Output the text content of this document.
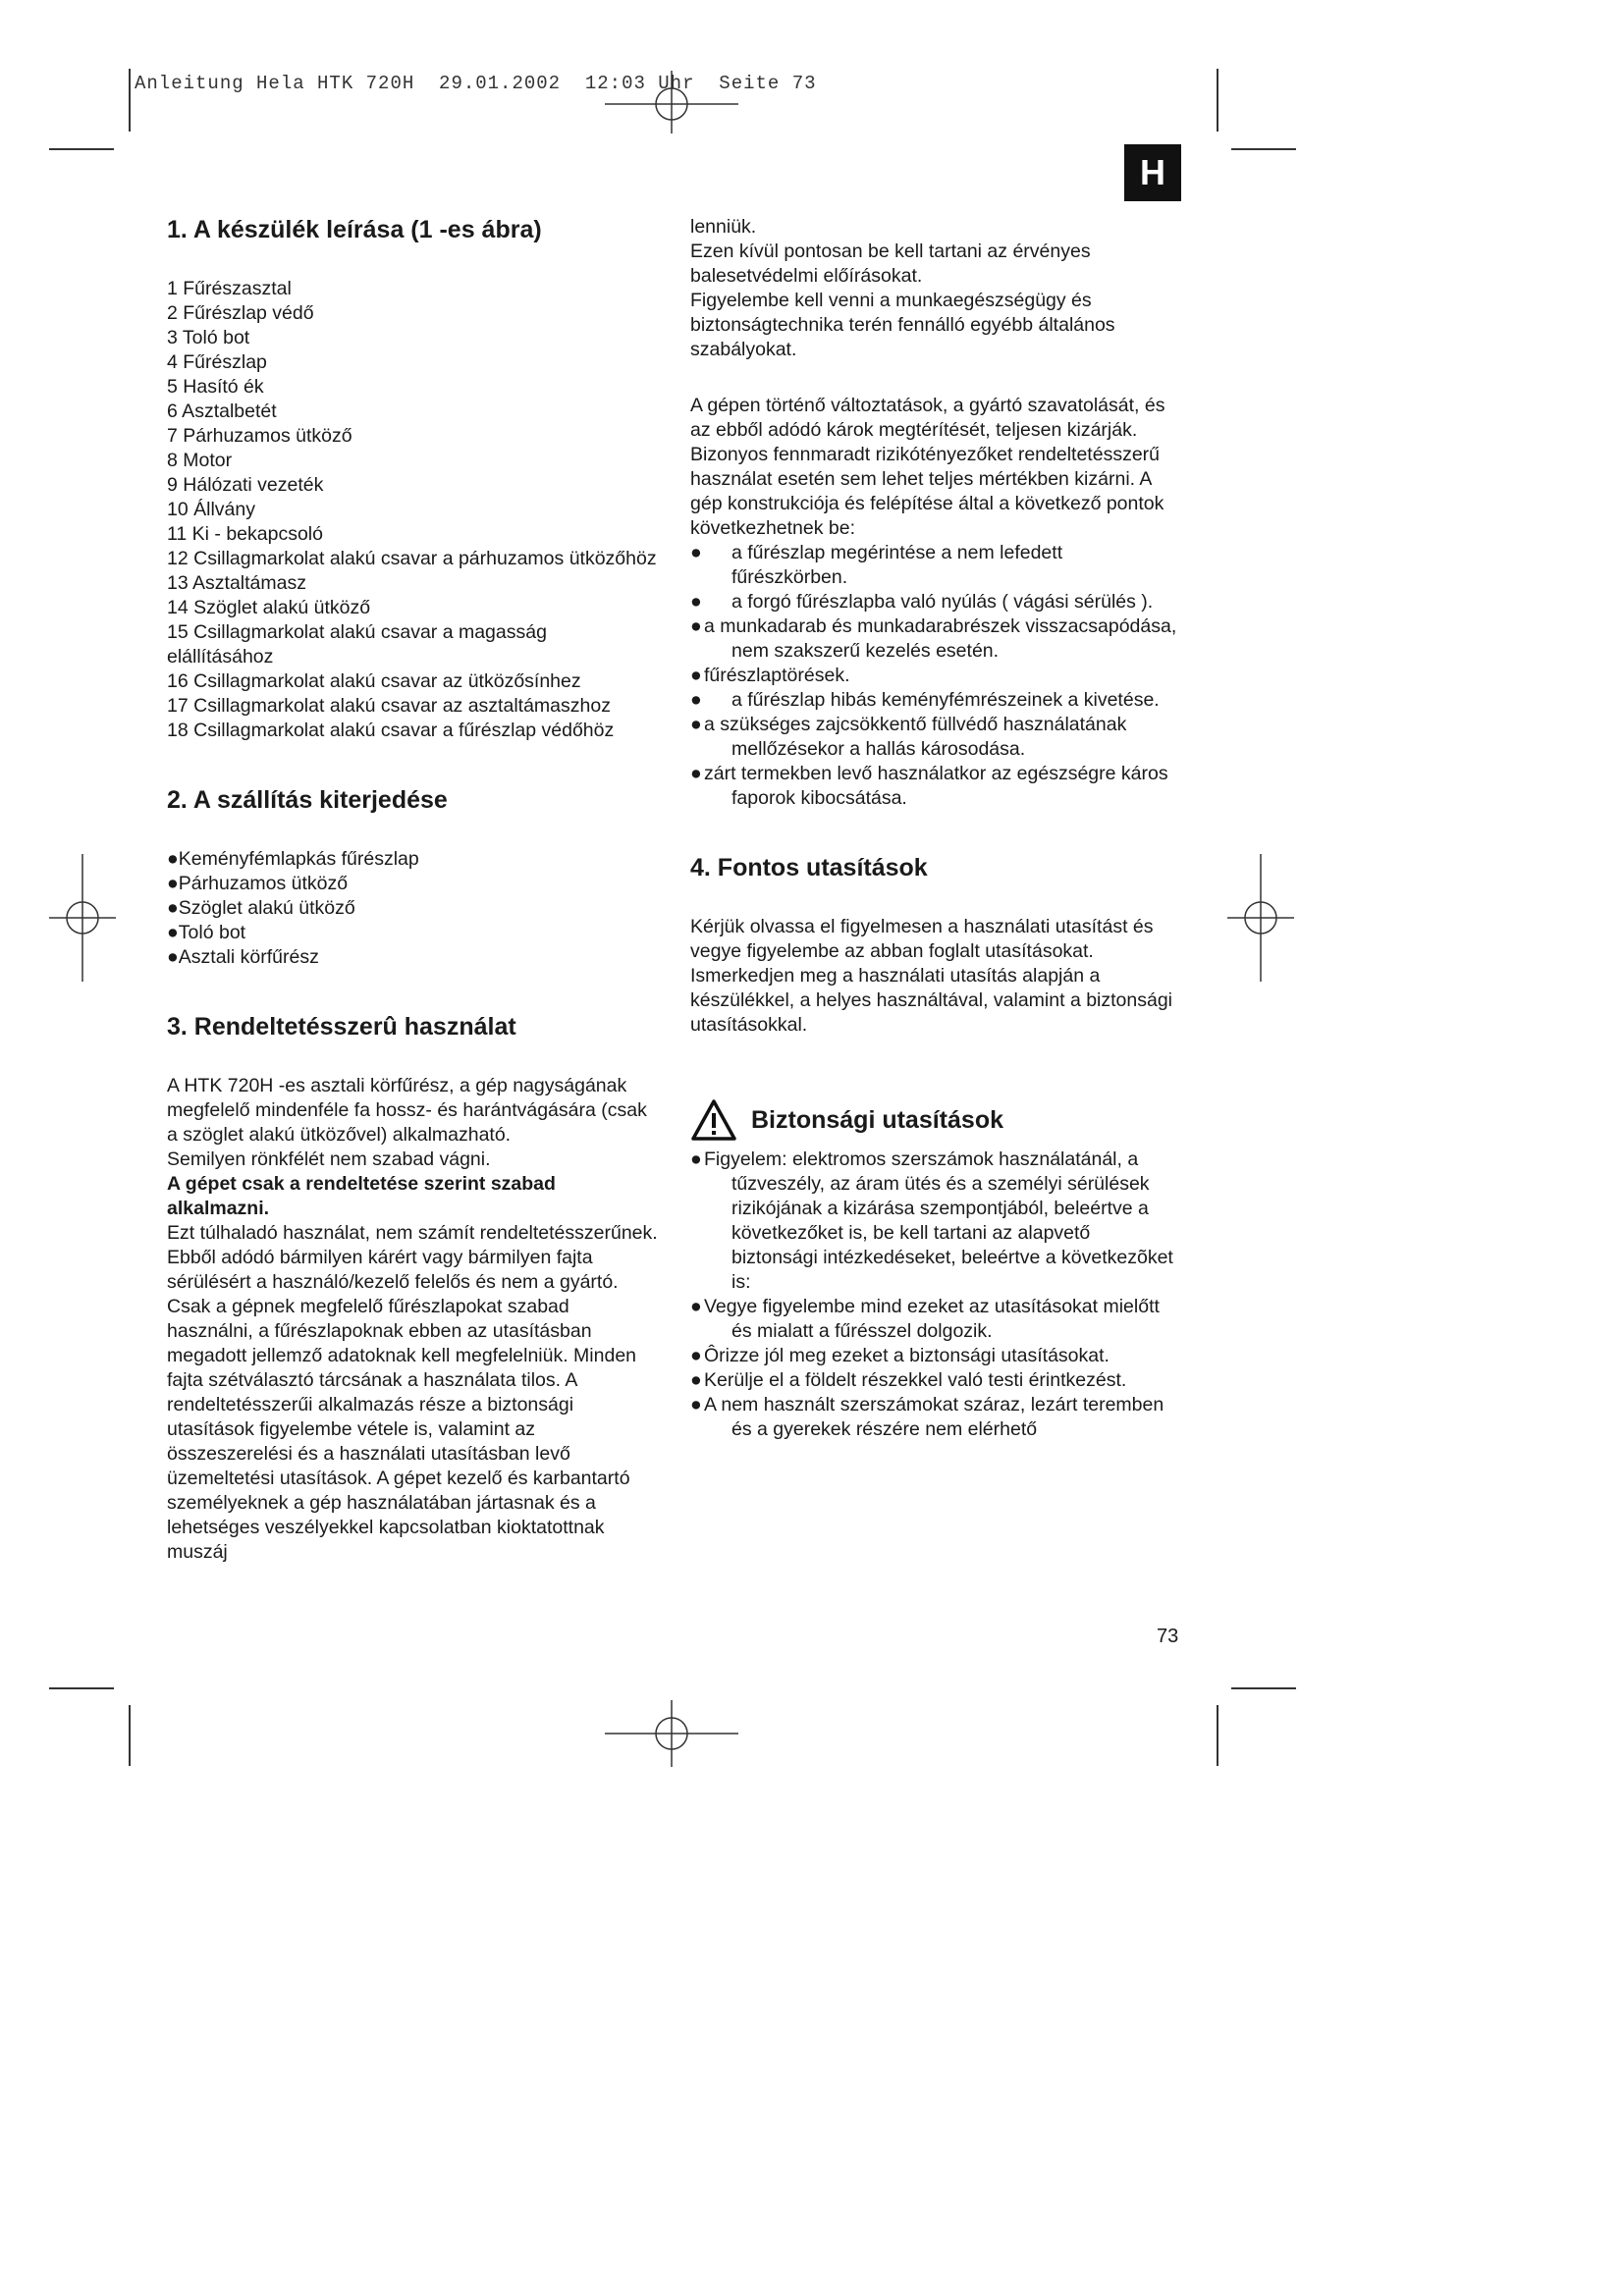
Anleitung Hela HTK 720H  29.01.2002  12:03 Uhr  Seite 73
H
1. A készülék leírása (1 -es ábra)

1 Fűrészasztal

2 Fűrészlap védő

3 Toló bot

4 Fűrészlap

5 Hasító ék

6 Asztalbetét

7 Párhuzamos ütköző

8 Motor

9 Hálózati vezeték

10 Állvány

11 Ki - bekapcsoló

12 Csillagmarkolat alakú csavar a párhuzamos ütközőhöz

13 Asztaltámasz

14 Szöglet alakú ütköző

15 Csillagmarkolat alakú csavar a magasság elállításához

16 Csillagmarkolat alakú csavar az ütközősínhez

17 Csillagmarkolat alakú csavar az asztaltámaszhoz

18 Csillagmarkolat alakú csavar a fűrészlap védőhöz

2. A szállítás kiterjedése

●Keményfémlapkás fűrészlap

●Párhuzamos ütköző

●Szöglet alakú ütköző

●Toló bot

●Asztali körfűrész

3. Rendeltetésszerû használat

A HTK 720H -es asztali körfűrész, a gép nagyságának megfelelő mindenféle fa hossz- és harántvágására (csak a szöglet alakú ütközővel) alkalmazható.

Semilyen rönkfélét nem szabad vágni.

A gépet csak a rendeltetése szerint szabad alkalmazni.

Ezt túlhaladó használat, nem számít rendeltetésszerűnek. Ebből adódó bármilyen kárért vagy bármilyen fajta sérülésért a használó/kezelő felelős és nem a gyártó. Csak a gépnek megfelelő fűrészlapokat szabad használni, a fűrészlapoknak ebben az utasításban megadott jellemző adatoknak kell megfelelniük. Minden fajta szétválasztó tárcsának a használata tilos. A rendeltetésszerűi alkalmazás része a biztonsági utasítások figyelembe vétele is, valamint az összeszerelési és a használati utasításban levő üzemeltetési utasítások. A gépet kezelő és karbantartó személyeknek a gép használatában jártasnak és a lehetséges veszélyekkel kapcsolatban kioktatottnak muszáj

lenniük.

Ezen kívül pontosan be kell tartani az érvényes balesetvédelmi előírásokat.

Figyelembe kell venni a munkaegészségügy és biztonságtechnika terén fennálló egyébb általános szabályokat.

A gépen történő változtatások, a gyártó szavatolását, és az ebből adódó károk megtérítését, teljesen kizárják.

Bizonyos fennmaradt rizikótényezőket rendeltetésszerű használat esetén sem lehet teljes mértékben kizárni. A gép konstrukciója és felépítése által a következő pontok következhetnek be:

● a fűrészlap megérintése a nem lefedett fűrészkörben.

● a forgó fűrészlapba való nyúlás ( vágási sérülés ).

● a munkadarab és munkadarabrészek visszacsapódása, nem szakszerű kezelés esetén.

● fűrészlaptörések.

● a fűrészlap hibás keményfémrészeinek a kivetése.

● a szükséges zajcsökkentő füllvédő használatának mellőzésekor a hallás károsodása.

● zárt termekben levő használatkor az egészségre káros faporok kibocsátása.

4. Fontos utasítások

Kérjük olvassa el figyelmesen a használati utasítást és vegye figyelembe az abban foglalt utasításokat. Ismerkedjen meg a használati utasítás alapján a készülékkel, a helyes használtával, valamint a biztonsági utasításokkal.

Biztonsági utasítások

● Figyelem: elektromos szerszámok használatánál, a tűzveszély, az áram ütés és a személyi sérülések rizikójának a kizárása szempontjából, beleértve a következőket is, be kell tartani az alapvető biztonsági intézkedéseket, beleértve a következõket is:

● Vegye figyelembe mind ezeket az utasításokat mielőtt és mialatt a fűrésszel dolgozik.

● Ôrizze jól meg ezeket a biztonsági utasításokat.

● Kerülje el a földelt részekkel való testi érintkezést.

● A nem használt szerszámokat száraz, lezárt teremben és a gyerekek részére nem elérhető

73
